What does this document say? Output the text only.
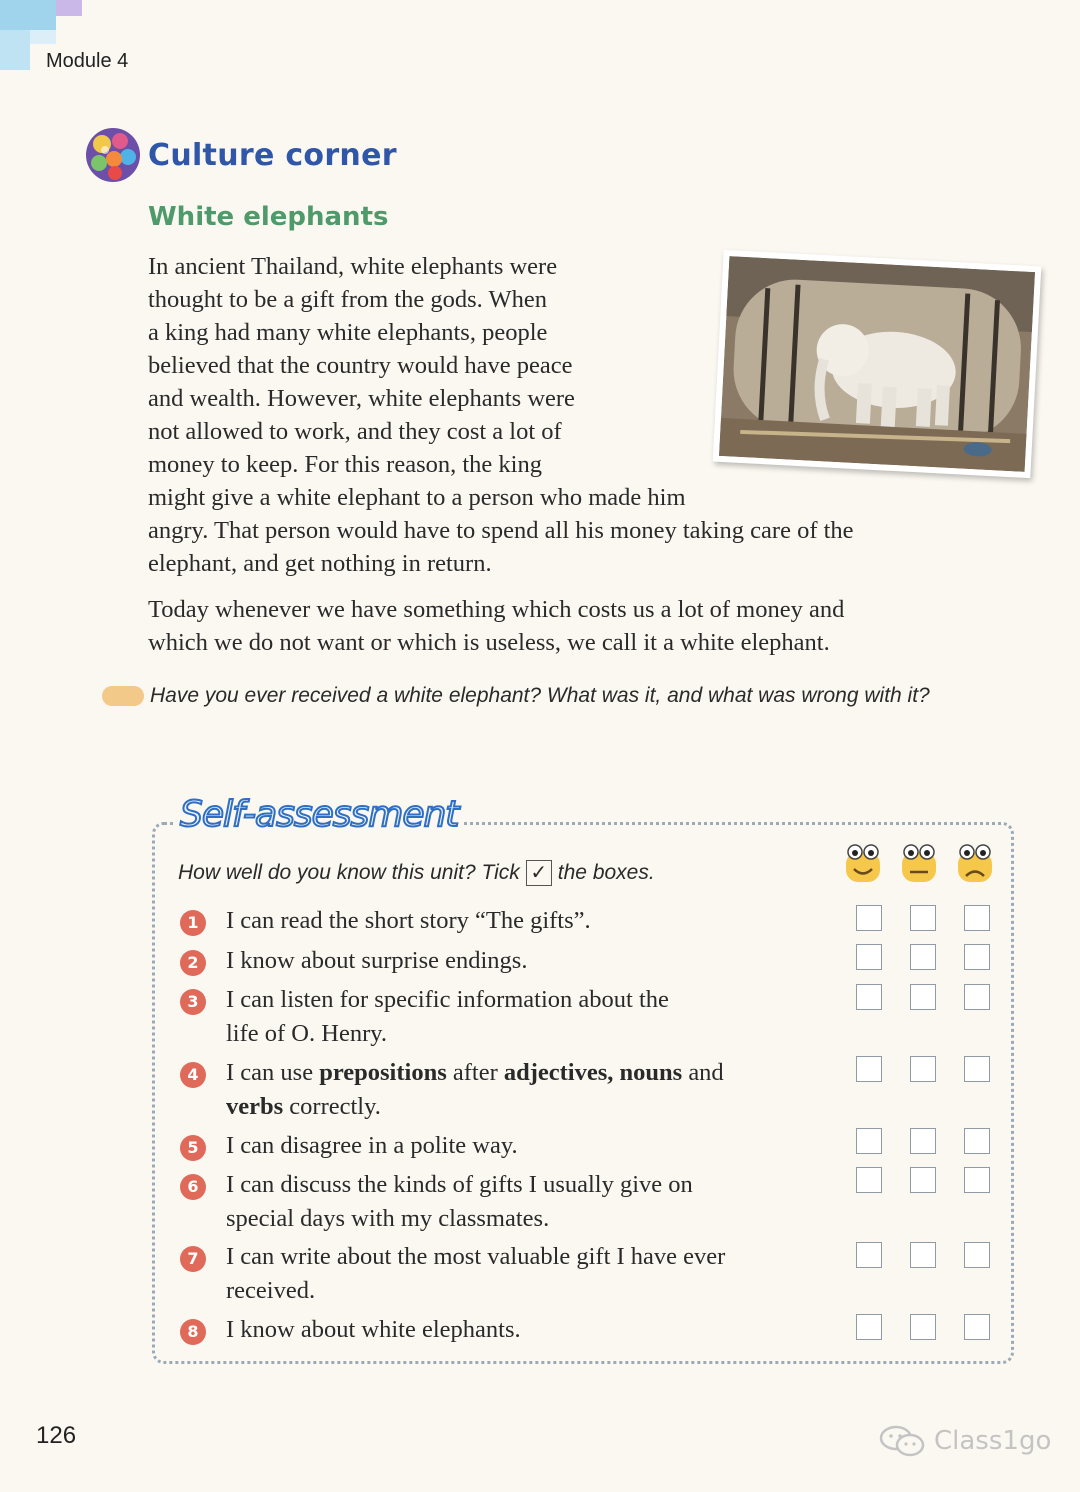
Module 4
Culture corner
White elephants

In ancient Thailand, white elephants were
thought to be a gift from the gods. When
a king had many white elephants, people
believed that the country would have peace
and wealth. However, white elephants were
not allowed to work, and they cost a lot of
money to keep. For this reason, the king
might give a white elephant to a person who made him
angry. That person would have to spend all his money taking care of the
elephant, and get nothing in return.

Today whenever we have something which costs us a lot of money and
which we do not want or which is useless, we call it a white elephant.

Have you ever received a white elephant? What was it, and what was wrong with it?
Self-assessment
How well do you know this unit? Tick ✓ the boxes.
1	I can read the short story “The gifts”.
2	I know about surprise endings.
3	I can listen for specific information about the
life of O. Henry.
4	I can use prepositions after adjectives, nouns and
verbs correctly.
5	I can disagree in a polite way.
6	I can discuss the kinds of gifts I usually give on
special days with my classmates.
7	I can write about the most valuable gift I have ever
received.
8	I know about white elephants.
126	Class1go
